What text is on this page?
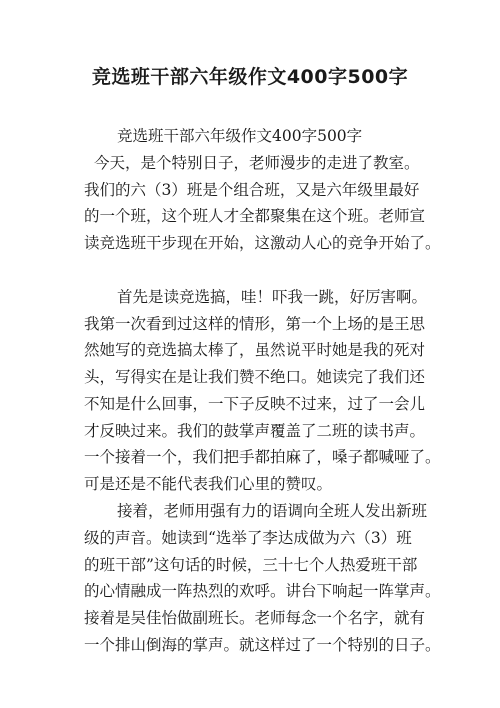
竞选班干部六年级作文400字500字
竞选班干部六年级作文400字500字
今天，是个特别日子，老师漫步的走进了教室。
我们的六（3）班是个组合班，又是六年级里最好
的一个班，这个班人才全都聚集在这个班。老师宣
读竞选班干步现在开始，这激动人心的竞争开始了。
首先是读竞选搞，哇！吓我一跳，好厉害啊。
我第一次看到过这样的情形，第一个上场的是王思
然她写的竞选搞太棒了，虽然说平时她是我的死对
头，写得实在是让我们赞不绝口。她读完了我们还
不知是什么回事，一下子反映不过来，过了一会儿
才反映过来。我们的鼓掌声覆盖了二班的读书声。
一个接着一个，我们把手都拍麻了，嗓子都喊哑了。
可是还是不能代表我们心里的赞叹。
接着，老师用强有力的语调向全班人发出新班
级的声音。她读到“选举了李达成做为六（3）班
的班干部”这句话的时候，三十七个人热爱班干部
的心情融成一阵热烈的欢呼。讲台下响起一阵掌声。
接着是吴佳怡做副班长。老师每念一个名字，就有
一个排山倒海的掌声。就这样过了一个特别的日子。
